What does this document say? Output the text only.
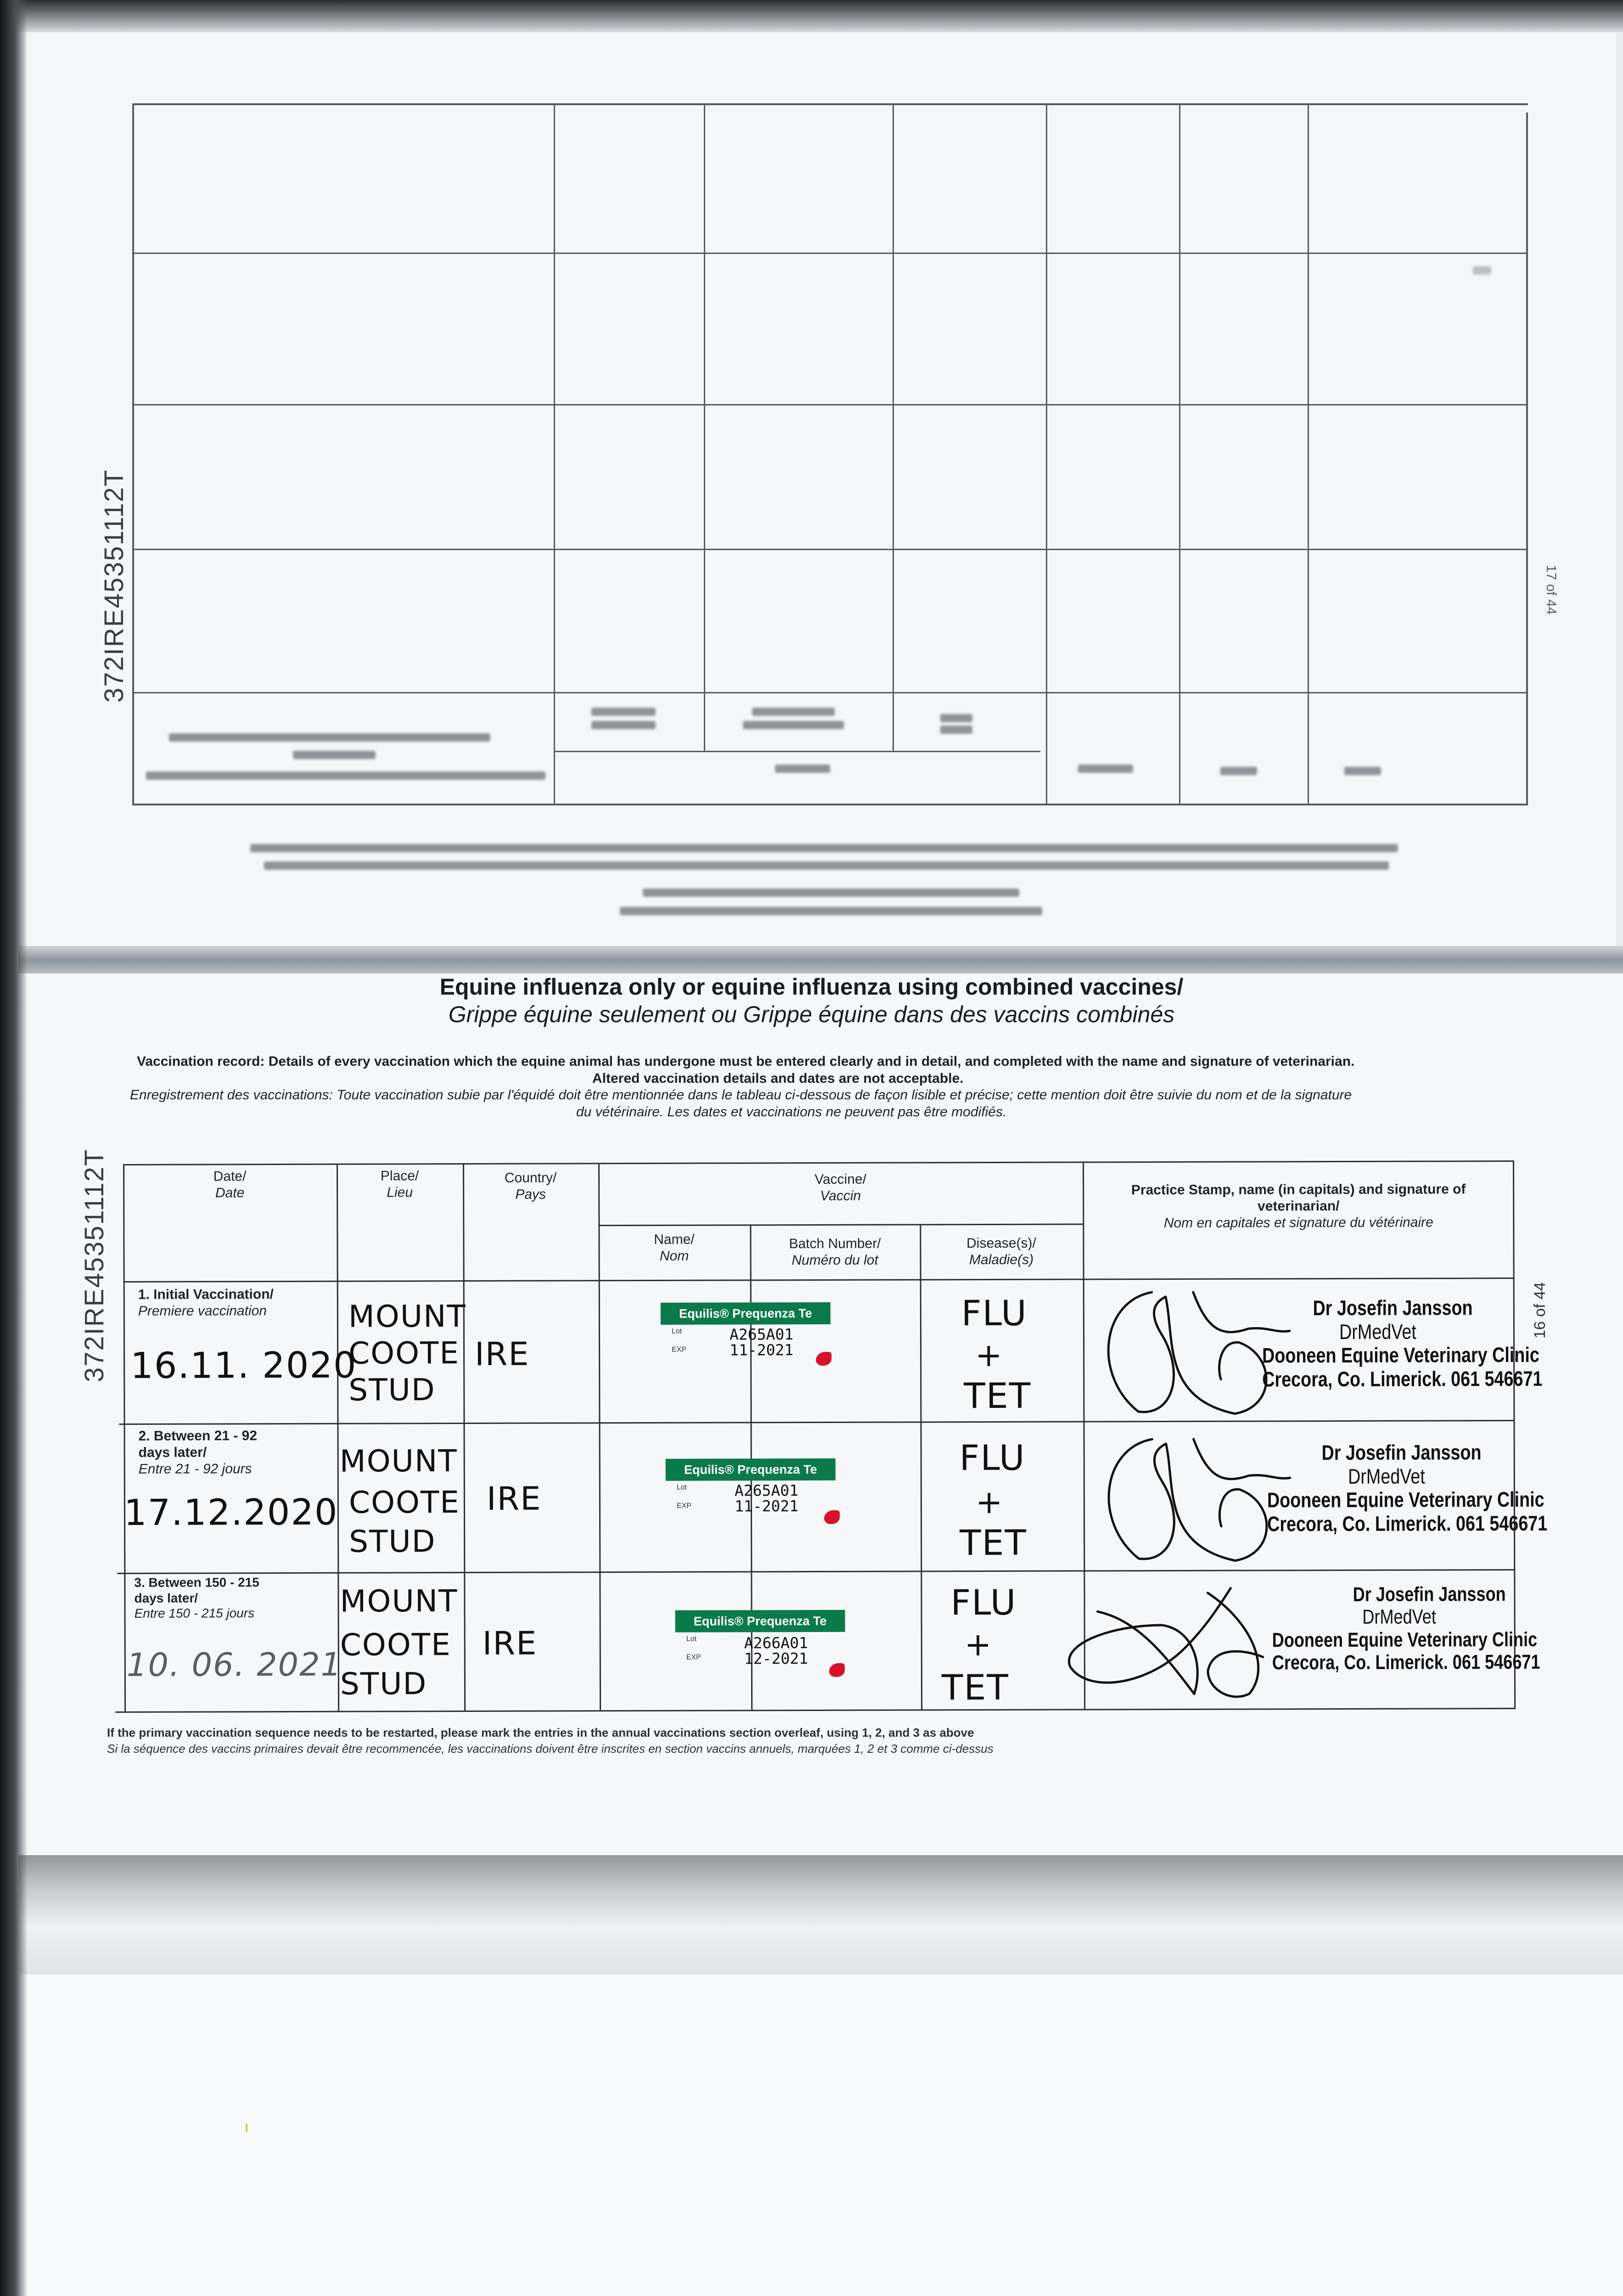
372IRE45351112T	17 of 44
Equine influenza only or equine influenza using combined vaccines/
Grippe équine seulement ou Grippe équine dans des vaccins combinés
Vaccination record: Details of every vaccination which the equine animal has undergone must be entered clearly and in detail, and completed with the name and signature of veterinarian.
Altered vaccination details and dates are not acceptable.
Enregistrement des vaccinations: Toute vaccination subie par l'équidé doit être mentionnée dans le tableau ci-dessous de façon lisible et précise; cette mention doit être suivie du nom et de la signature
du vétérinaire. Les dates et vaccinations ne peuvent pas être modifiés.
372IRE45351112T	16 of 44
Date/
Date
Place/
Lieu
Country/
Pays
Vaccine/
Vaccin
Name/
Nom
Batch Number/
Numéro du lot
Disease(s)/
Maladie(s)
Practice Stamp, name (in capitals) and signature of veterinarian/
Nom en capitales et signature du vétérinaire
1. Initial Vaccination/
Premiere vaccination
16.11. 2020
MOUNT
COOTE
STUD
IRE
Equilis® Prequenza Te
Lot
EXP
A265A01
11-2021
FLU
+
TET
Dr Josefin Jansson
DrMedVet
Dooneen Equine Veterinary Clinic
Crecora, Co. Limerick. 061 546671
2. Between 21 - 92
days later/
Entre 21 - 92 jours
17.12.2020
MOUNT
COOTE
STUD
IRE
Equilis® Prequenza Te
Lot
EXP
A265A01
11-2021
FLU
+
TET
Dr Josefin Jansson
DrMedVet
Dooneen Equine Veterinary Clinic
Crecora, Co. Limerick. 061 546671
3. Between 150 - 215
days later/
Entre 150 - 215 jours
10. 06. 2021
MOUNT
COOTE
STUD
IRE
Equilis® Prequenza Te
Lot
EXP
A266A01
12-2021
FLU
+
TET
Dr Josefin Jansson
DrMedVet
Dooneen Equine Veterinary Clinic
Crecora, Co. Limerick. 061 546671
If the primary vaccination sequence needs to be restarted, please mark the entries in the annual vaccinations section overleaf, using 1, 2, and 3 as above
Si la séquence des vaccins primaires devait être recommencée, les vaccinations doivent être inscrites en section vaccins annuels, marquées 1, 2 et 3 comme ci-dessus
